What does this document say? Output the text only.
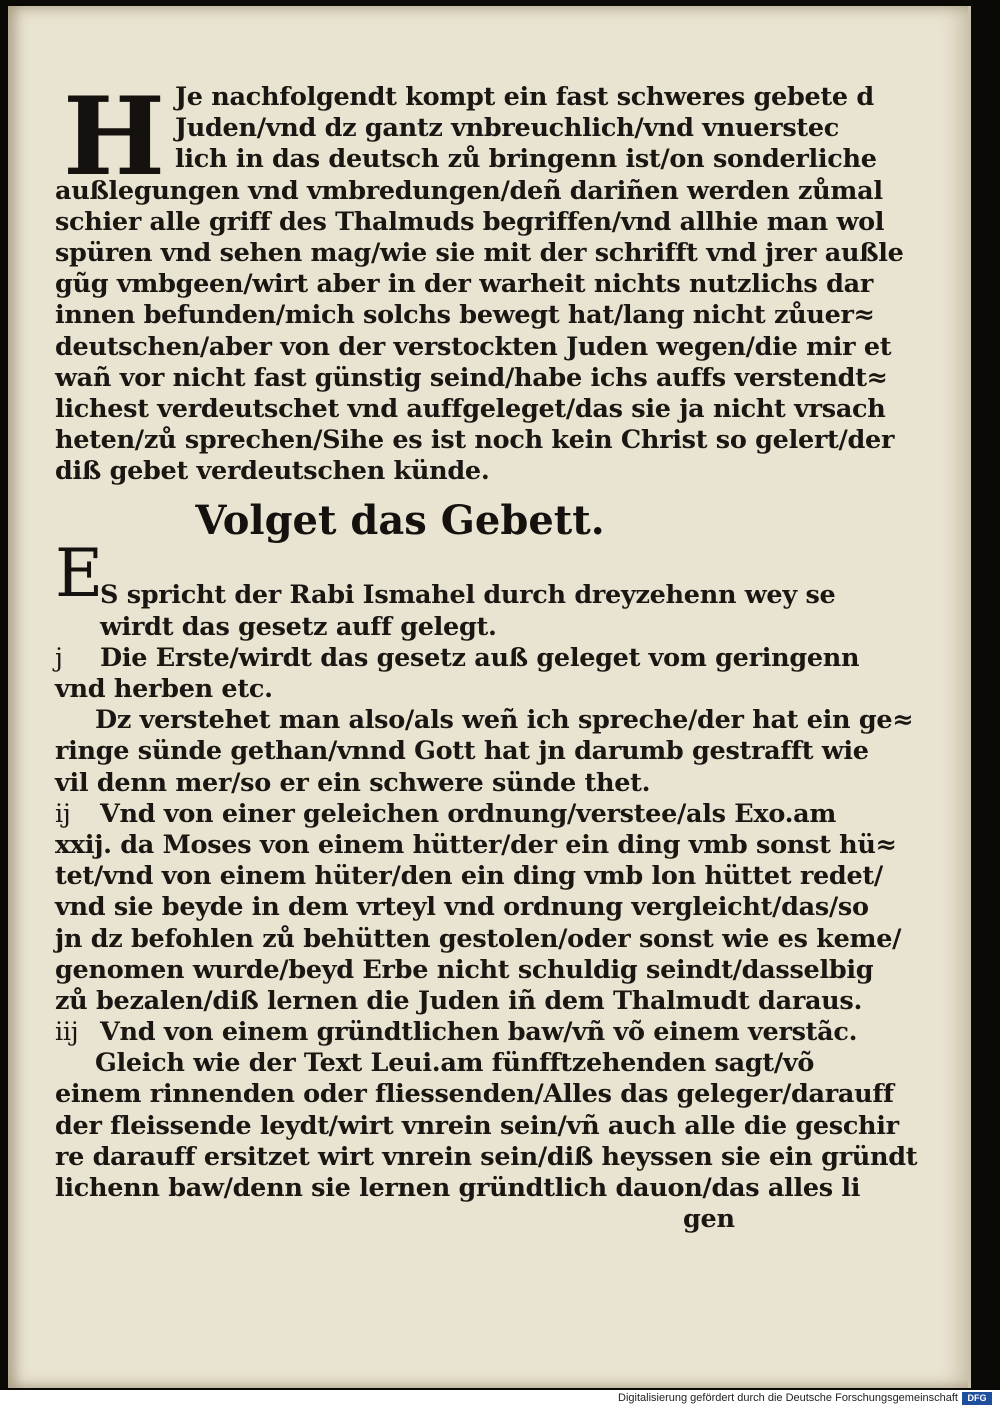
H Je nachfolgendt kompt ein fast schweres gebete d
Juden/vnd dz gantz vnbreuchlich/vnd vnuerstec
lich in das deutsch zů bringenn ist/on sonderliche
außlegungen vnd vmbredungen/deñ dariñen werden zůmal
schier alle griff des Thalmuds begriffen/vnd allhie man wol
spüren vnd sehen mag/wie sie mit der schrifft vnd jrer außle
gũg vmbgeen/wirt aber in der warheit nichts nutzlichs dar
innen befunden/mich solchs bewegt hat/lang nicht zůuer≈
deutschen/aber von der verstockten Juden wegen/die mir et
wañ vor nicht fast günstig seind/habe ichs auffs verstendt≈
lichest verdeutschet vnd auffgeleget/das sie ja nicht vrsach
heten/zů sprechen/Sihe es ist noch kein Christ so gelert/der
diß gebet verdeutschen künde.
S spricht der Rabi Ismahel durch dreyzehenn wey se
wirdt das gesetz auff gelegt.
j Die Erste/wirdt das gesetz auß geleget vom geringenn
vnd herben etc.
Dz verstehet man also/als weñ ich spreche/der hat ein ge≈
ringe sünde gethan/vnnd Gott hat jn darumb gestrafft wie
vil denn mer/so er ein schwere sünde thet.
ij Vnd von einer geleichen ordnung/verstee/als Exo.am
xxij. da Moses von einem hütter/der ein ding vmb sonst hü≈
tet/vnd von einem hüter/den ein ding vmb lon hüttet redet/
vnd sie beyde in dem vrteyl vnd ordnung vergleicht/das/so
jn dz befohlen zů behütten gestolen/oder sonst wie es keme/
genomen wurde/beyd Erbe nicht schuldig seindt/dasselbig
zů bezalen/diß lernen die Juden iñ dem Thalmudt daraus.
iij Vnd von einem gründtlichen baw/vñ võ einem verstãc.
Gleich wie der Text Leui.am fünfftzehenden sagt/võ
einem rinnenden oder fliessenden/Alles das geleger/darauff
der fleissende leydt/wirt vnrein sein/vñ auch alle die geschir
re darauff ersitzet wirt vnrein sein/diß heyssen sie ein gründt
lichenn baw/denn sie lernen gründtlich dauon/das alles li
gen
Volget das Gebett.
E
Digitalisierung gefördert durch die Deutsche Forschungsgemeinschaft	DFG
